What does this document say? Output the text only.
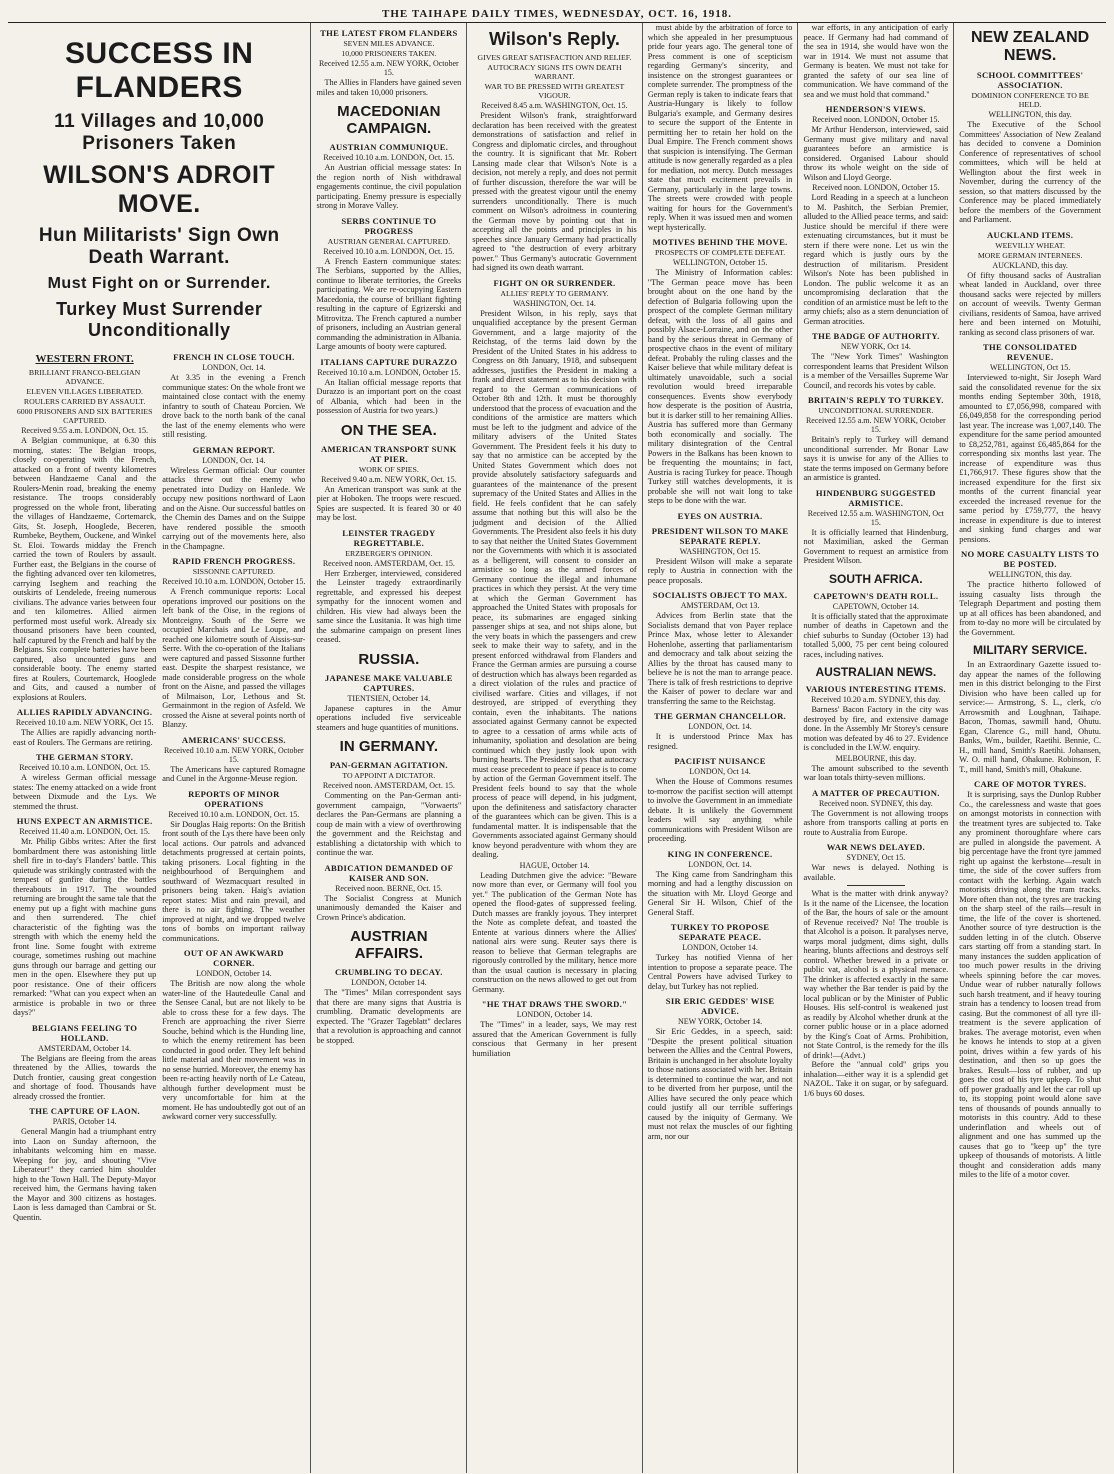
THE TAIHAPE DAILY TIMES, WEDNESDAY, OCT. 16, 1918.
SUCCESS IN FLANDERS
11 Villages and 10,000 Prisoners Taken
WILSON'S ADROIT MOVE.
Hun Militarists' Sign Own Death Warrant.
Must Fight on or Surrender.
Turkey Must Surrender Unconditionally
WESTERN FRONT.
BRILLIANT FRANCO-BELGIAN ADVANCE.
ELEVEN VILLAGES LIBERATED.
ROULERS CARRIED BY ASSAULT.
6000 PRISONERS AND SIX BATTERIES CAPTURED.
Received 9.55 a.m. LONDON, Oct. 15.

A Belgian communique, at 6.30 this morning, states: The Belgian troops, closely co-operating with the French, attacked on a front of twenty kilometres between Handzaeme Canal and the Roulers-Menin road, breaking the enemy resistance. The troops considerably progressed on the whole front, liberating the villages of Handzaeme, Cortemarck, Gits, St. Joseph, Hooglede, Beceren, Rumbeke, Beythem, Ouckene, and Winkel St. Eloi. Towards midday the French carried the town of Roulers by assault. Further east, the Belgians in the course of the fighting advanced over ten kilometres, carrying Iseghem and reaching the outskirts of Lendelede, freeing numerous civilians. The advance varies between four and ten kilometres. Allied airmen performed most useful work. Already six thousand prisoners have been counted, half captured by the French and half by the Belgians. Six complete batteries have been captured, also uncounted guns and considerable booty. The enemy started fires at Roulers, Courtemarck, Hooglede and Gits, and caused a number of explosions at Roulers.

ALLIES RAPIDLY ADVANCING.
Received 10.10 a.m. NEW YORK, Oct 15.

The Allies are rapidly advancing north-east of Roulers. The Germans are retiring.

THE GERMAN STORY.
Received 10.10 a.m. LONDON, Oct. 15.

A wireless German official message states: The enemy attacked on a wide front between Dixmude and the Lys. We stemmed the thrust.

HUNS EXPECT AN ARMISTICE.
Received 11.40 a.m. LONDON, Oct. 15.

Mr. Philip Gibbs writes: After the first bombardment there was astonishing little shell fire in to-day's Flanders' battle. This quietude was strikingly contrasted with the tempest of gunfire during the battles thereabouts in 1917. The wounded returning are brought the same tale that the enemy put up a fight with machine guns and then surrendered. The chief characteristic of the fighting was the strength with which the enemy held the front line. Some fought with extreme courage, sometimes rushing out machine guns through our barrage and getting our men in the open. Elsewhere they put up poor resistance. One of their officers remarked: "What can you expect when an armistice is probable in two or three days?"

BELGIANS FEELING TO HOLLAND.
AMSTERDAM, October 14.

The Belgians are fleeing from the areas threatened by the Allies, towards the Dutch frontier, causing great congestion and shortage of food. Thousands have already crossed the frontier.

THE CAPTURE OF LAON.
PARIS, October 14.

General Mangin had a triumphant entry into Laon on Sunday afternoon, the inhabitants welcoming him en masse. Weeping for joy, and shouting "Vive Liberateur!" they carried him shoulder high to the Town Hall. The Deputy-Mayor received him, the Germans having taken the Mayor and 300 citizens as hostages. Laon is less damaged than Cambrai or St. Quentin.

FRENCH IN CLOSE TOUCH.
LONDON, Oct. 14.

At 3.35 in the evening a French communique states: On the whole front we maintained close contact with the enemy infantry to south of Chateau Porcien. We drove back to the north bank of the canal the last of the enemy elements who were still resisting.

GERMAN REPORT.
LONDON, Oct. 14.

Wireless German official: Our counter attacks threw out the enemy who penetrated into Dudizy on Hanlede. We occupy new positions northward of Laon and on the Aisne. Our successful battles on the Chemin des Dames and on the Suippe have rendered possible the smooth carrying out of the movements here, also in the Champagne.

RAPID FRENCH PROGRESS.
SISSONNE CAPTURED.
Received 10.10 a.m. LONDON, October 15.

A French communique reports: Local operations improved our positions on the left bank of the Oise, in the regions of Montceigny. South of the Serre we occupied Marchais and Le Loupe, and reached one kilometre south of Aissis-sur-Serre. With the co-operation of the Italians were captured and passed Sissonne further east. Despite the sharpest resistance, we made considerable progress on the whole front on the Aisne, and passed the villages of Milmaison, Lor, Lethous and St. Germainmont in the region of Asfeld. We crossed the Aisne at several points north of Blanzy.

AMERICANS' SUCCESS.
Received 10.10 a.m. NEW YORK, October 15.

The Americans have captured Romagne and Cunel in the Argonne-Meuse region.

REPORTS OF MINOR OPERATIONS
Received 10.10 a.m. LONDON, Oct. 15.

Sir Douglas Haig reports: On the British front south of the Lys there have been only local actions. Our patrols and advanced detachments progressed at certain points, taking prisoners. Local fighting in the neighbourhood of Berquinghem and southward of Wezmacquart resulted in prisoners being taken. Haig's aviation report states: Mist and rain prevail, and there is no air fighting. The weather improved at night, and we dropped twelve tons of bombs on important railway communications.

OUT OF AN AWKWARD CORNER.
LONDON, October 14.

The British are now along the whole water-line of the Hautedeulle Canal and the Sensee Canal, but are not likely to be able to cross these for a few days. The French are approaching the river Sierre Souche, behind which is the Hunding line, to which the enemy retirement has been conducted in good order. They left behind little material and their movement was in no sense hurried. Moreover, the enemy has been re-acting heavily north of Le Cateau, although further development must be very uncomfortable for him at the moment. He has undoubtedly got out of an awkward corner very successfully.

THE LATEST FROM FLANDERS
SEVEN MILES ADVANCE.
10,000 PRISONERS TAKEN.
Received 12.55 a.m. NEW YORK, October 15.

The Allies in Flanders have gained seven miles and taken 10,000 prisoners.

MACEDONIAN CAMPAIGN.
AUSTRIAN COMMUNIQUE.
Received 10.10 a.m. LONDON, Oct. 15.

An Austrian official message states: In the region north of Nish withdrawal engagements continue, the civil population participating. Enemy pressure is especially strong in Morave Valley.

SERBS CONTINUE TO PROGRESS
AUSTRIAN GENERAL CAPTURED.
Received 10.10 a.m. LONDON, Oct. 15.

A French Eastern communique states: The Serbians, supported by the Allies, continue to liberate territories, the Greeks participating. We are re-occupying Eastern Macedonia, the course of brilliant fighting resulting in the capture of Egrizerski and Mitrovitza. The French captured a number of prisoners, including an Austrian general commanding the administration in Albania. Large amounts of booty were captured.

ITALIANS CAPTURE DURAZZO
Received 10.10 a.m. LONDON, October 15.

An Italian official message reports that Durazzo is an important port on the coast of Albania, which had been in the possession of Austria for two years.)

ON THE SEA.
AMERICAN TRANSPORT SUNK AT PIER.
WORK OF SPIES.
Received 9.40 a.m. NEW YORK, Oct. 15.

An American transport was sunk at the pier at Hoboken. The troops were rescued. Spies are suspected. It is feared 30 or 40 may be lost.

LEINSTER TRAGEDY REGRETTABLE.
ERZBERGER'S OPINION.
Received noon. AMSTERDAM, Oct. 15.

Herr Erzberger, interviewed, considered the Leinster tragedy extraordinarily regrettable, and expressed his deepest sympathy for the innocent women and children. His view had always been the same since the Lusitania. It was high time the submarine campaign on present lines ceased.

RUSSIA.
JAPANESE MAKE VALUABLE CAPTURES.
TIENTSIEN, October 14.

Japanese captures in the Amur operations included five serviceable steamers and huge quantities of munitions.

IN GERMANY.
PAN-GERMAN AGITATION.
TO APPOINT A DICTATOR.
Received noon. AMSTERDAM, Oct. 15.

Commenting on the Pan-German anti-government campaign, "Vorwaerts" declares the Pan-Germans are planning a coup de main with a view of overthrowing the government and the Reichstag and establishing a dictatorship with which to continue the war.

ABDICATION DEMANDED OF KAISER AND SON.
Received noon. BERNE, Oct. 15.

The Socialist Congress at Munich unanimously demanded the Kaiser and Crown Prince's abdication.

AUSTRIAN AFFAIRS.
CRUMBLING TO DECAY.
LONDON, October 14.

The "Times" Milan correspondent says that there are many signs that Austria is crumbling. Dramatic developments are expected. The "Grazer Tageblatt" declares that a revolution is approaching and cannot be stopped.

Wilson's Reply.
GIVES GREAT SATISFACTION AND RELIEF.
AUTOCRACY SIGNS ITS OWN DEATH WARRANT.
WAR TO BE PRESSED WITH GREATEST VIGOUR.
Received 8.45 a.m. WASHINGTON, Oct. 15.

President Wilson's frank, straightforward declaration has been received with the greatest demonstrations of satisfaction and relief in Congress and diplomatic circles, and throughout the country. It is significant that Mr. Robert Lansing made clear that Wilson's Note is a decision, not merely a reply, and does not permit of further discussion, therefore the war will be pressed with the greatest vigour until the enemy surrenders unconditionally. There is much comment on Wilson's adroitness in countering the German move by pointing out that in accepting all the points and principles in his speeches since January Germany had practically agreed to "the destruction of every arbitrary power." Thus Germany's autocratic Government had signed its own death warrant.

FIGHT ON OR SURRENDER.
ALLIES' REPLY TO GERMANY.
WASHINGTON, Oct. 14.

President Wilson, in his reply, says that unqualified acceptance by the present German Government, and a large majority of the Reichstag, of the terms laid down by the President of the United States in his address to Congress on 8th January, 1918, and subsequent addresses, justifies the President in making a frank and direct statement as to his decision with regard to the German communications of October 8th and 12th. It must be thoroughly understood that the process of evacuation and the conditions of the armistice are matters which must be left to the judgment and advice of the military advisers of the United States Government. The President feels it his duty to say that no armistice can be accepted by the United States Government which does not provide absolutely satisfactory safeguards and guarantees of the maintenance of the present supremacy of the United States and Allies in the field. He feels confident that he can safely assume that nothing but this will also be the judgment and decision of the Allied Governments. The President also feels it his duty to say that neither the United States Government nor the Governments with which it is associated as a belligerent, will consent to consider an armistice so long as the armed forces of Germany continue the illegal and inhumane practices in which they persist. At the very time at which the German Government has approached the United States with proposals for peace, its submarines are engaged sinking passenger ships at sea, and not ships alone, but the very boats in which the passengers and crew seek to make their way to safety, and in the present enforced withdrawal from Flanders and France the German armies are pursuing a course of destruction which has always been regarded as a direct violation of the rules and practice of civilised warfare. Cities and villages, if not destroyed, are stripped of everything they contain, even the inhabitants. The nations associated against Germany cannot be expected to agree to a cessation of arms while acts of inhumanity, spoliation and desolation are being continued which they justly look upon with burning hearts. The President says that autocracy must cease precedent to peace if peace is to come by action of the German Government itself. The President feels bound to say that the whole process of peace will depend, in his judgment, upon the definiteness and satisfactory character of the guarantees which can be given. This is a fundamental matter. It is indispensable that the Governments associated against Germany should know beyond peradventure with whom they are dealing.

HAGUE, October 14.

Leading Dutchmen give the advice: "Beware now more than ever, or Germany will fool you yet." The publication of the German Note has opened the flood-gates of suppressed feeling. Dutch masses are frankly joyous. They interpret the Note as complete defeat, and toasted the Entente at various dinners where the Allies' national airs were sung. Reuter says there is reason to believe that German telegraphs are rigorously controlled by the military, hence more than the usual caution is necessary in placing construction on the news allowed to get out from Germany.

"HE THAT DRAWS THE SWORD."
LONDON, October 14.

The "Times" in a leader, says, We may rest assured that the American Government is fully conscious that Germany in her present humiliation

must abide by the arbitration of force to which she appealed in her presumptuous pride four years ago. The general tone of Press comment is one of scepticism regarding Germany's sincerity, and insistence on the strongest guarantees or complete surrender. The promptness of the German reply is taken to indicate fears that Austria-Hungary is likely to follow Bulgaria's example, and Germany desires to secure the support of the Entente in permitting her to retain her hold on the Dual Empire. The French comment shows that suspicion is intensifying. The German attitude is now generally regarded as a plea for mediation, not mercy. Dutch messages state that much excitement prevails in Germany, particularly in the large towns. The streets were crowded with people waiting for hours for the Government's reply. When it was issued men and women wept hysterically.

MOTIVES BEHIND THE MOVE.
PROSPECTS OF COMPLETE DEFEAT.
WELLINGTON, October 15.

The Ministry of Information cables: "The German peace move has been brought about on the one hand by the defection of Bulgaria following upon the prospect of the complete German military defeat, with the loss of all gains and possibly Alsace-Lorraine, and on the other hand by the serious threat in Germany of prospective chaos in the event of military defeat. Probably the ruling classes and the Kaiser believe that while military defeat is ultimately unavoidable, such a social revolution would breed irreparable consequences. Events show everybody how desperate is the position of Austria, but it is darker still to her remaining Allies. Austria has suffered more than Germany both economically and socially. The military disintegration of the Central Powers in the Balkans has been known to be frequenting the mountains; in fact, Austria is racing Turkey for peace. Though Turkey still watches developments, it is probable she will not wait long to take steps to be done with the war.

EYES ON AUSTRIA.
PRESIDENT WILSON TO MAKE SEPARATE REPLY.
WASHINGTON, Oct 15.

President Wilson will make a separate reply to Austria in connection with the peace proposals.

SOCIALISTS OBJECT TO MAX.
AMSTERDAM, Oct 13.

Advices from Berlin state that the Socialists demand that von Payer replace Prince Max, whose letter to Alexander Hohenlohe, asserting that parliamentarism and democracy and talk about seizing the Allies by the throat has caused many to believe he is not the man to arrange peace. There is talk of fresh restrictions to deprive the Kaiser of power to declare war and transferring the same to the Reichstag.

THE GERMAN CHANCELLOR.
LONDON, Oct. 14.

It is understood Prince Max has resigned.

PACIFIST NUISANCE
LONDON, Oct 14.

When the House of Commons resumes to-morrow the pacifist section will attempt to involve the Government in an immediate debate. It is unlikely the Government leaders will say anything while communications with President Wilson are proceeding.

KING IN CONFERENCE.
LONDON, Oct. 14.

The King came from Sandringham this morning and had a lengthy discussion on the situation with Mr. Lloyd George and General Sir H. Wilson, Chief of the General Staff.

TURKEY TO PROPOSE SEPARATE PEACE.
LONDON, October 14.

Turkey has notified Vienna of her intention to propose a separate peace. The Central Powers have advised Turkey to delay, but Turkey has not replied.

SIR ERIC GEDDES' WISE ADVICE.
NEW YORK, October 14.

Sir Eric Geddes, in a speech, said: "Despite the present political situation between the Allies and the Central Powers, Britain is unchanged in her absolute loyalty to those nations associated with her. Britain is determined to continue the war, and not to be diverted from her purpose, until the Allies have secured the only peace which could justify all our terrible sufferings caused by the iniquity of Germany. We must not relax the muscles of our fighting arm, nor our

war efforts, in any anticipation of early peace. If Germany had had command of the sea in 1914, she would have won the war in 1914. We must not assume that Germany is beaten. We must not take for granted the safety of our sea line of communication. We have command of the sea and we must hold that command."

HENDERSON'S VIEWS.
Received noon. LONDON, October 15.

Mr Arthur Henderson, interviewed, said Germany must give military and naval guarantees before an armistice is considered. Organised Labour should throw its whole weight on the side of Wilson and Lloyd George.

Received noon. LONDON, October 15.

Lord Reading in a speech at a luncheon to M. Pashitch, the Serbian Premier, alluded to the Allied peace terms, and said: Justice should be merciful if there were extenuating circumstances, but it must be stern if there were none. Let us win the regard which is justly ours by the destruction of militarism. President Wilson's Note has been published in London. The public welcome it as an uncompromising declaration that the condition of an armistice must be left to the army chiefs; also as a stern denunciation of German atrocities.

THE BADGE OF AUTHORITY.
NEW YORK, Oct 14.

The "New York Times" Washington correspondent learns that President Wilson is a member of the Versailles Supreme War Council, and records his votes by cable.

BRITAIN'S REPLY TO TURKEY.
UNCONDITIONAL SURRENDER.
Received 12.55 a.m. NEW YORK, October 15.

Britain's reply to Turkey will demand unconditional surrender. Mr Bonar Law says it is unwise for any of the Allies to state the terms imposed on Germany before an armistice is granted.

HINDENBURG SUGGESTED ARMISTICE.
Received 12.55 a.m. WASHINGTON, Oct 15.

It is officially learned that Hindenburg, not Maximilian, asked the German Government to request an armistice from President Wilson.

SOUTH AFRICA.
CAPETOWN'S DEATH ROLL.
CAPETOWN, October 14.

It is officially stated that the approximate number of deaths in Capetown and the chief suburbs to Sunday (October 13) had totalled 5,000, 75 per cent being coloured races, including natives.

AUSTRALIAN NEWS.
VARIOUS INTERESTING ITEMS.
Received 10.20 a.m. SYDNEY, this day.

Barness' Bacon Factory in the city was destroyed by fire, and extensive damage done. In the Assembly Mr Storey's censure motion was defeated by 46 to 27. Evidence is concluded in the I.W.W. enquiry.

MELBOURNE, this day.

The amount subscribed to the seventh war loan totals thirty-seven millions.

A MATTER OF PRECAUTION.
Received noon. SYDNEY, this day.

The Government is not allowing troops ashore from transports calling at ports en route to Australia from Europe.

WAR NEWS DELAYED.
SYDNEY, Oct 15.

War news is delayed. Nothing is available.

What is the matter with drink anyway? Is it the name of the Licensee, the location of the Bar, the hours of sale or the amount of Revenue received? No! The trouble is that Alcohol is a poison. It paralyses nerve, warps moral judgment, dims sight, dulls hearing, blunts affections and destroys self control. Whether brewed in a private or public vat, alcohol is a physical menace. The drinker is affected exactly in the same way whether the Bar tender is paid by the local publican or by the Minister of Public Houses. His self-control is weakened just as readily by Alcohol whether drunk at the corner public house or in a place adorned by the King's Coat of Arms. Prohibition, not State Control, is the remedy for the ills of drink!—(Advt.)

Before the "annual cold" grips you inhalation—either way it is a splendid get NAZOL. Take it on sugar, or by safeguard. 1/6 buys 60 doses.

NEW ZEALAND NEWS.
SCHOOL COMMITTEES' ASSOCIATION.
DOMINION CONFERENCE TO BE HELD.
WELLINGTON, this day.

The Executive of the School Committees' Association of New Zealand has decided to convene a Dominion Conference of representatives of school committees, which will be held at Wellington about the first week in November, during the currency of the session, so that matters discussed by the Conference may be placed immediately before the members of the Government and Parliament.

AUCKLAND ITEMS.
WEEVILLY WHEAT.
MORE GERMAN INTERNEES.
AUCKLAND, this day.

Of fifty thousand sacks of Australian wheat landed in Auckland, over three thousand sacks were rejected by millers on account of weevils. Twenty German civilians, residents of Samoa, have arrived here and been interned on Motuihi, ranking as second class prisoners of war.

THE CONSOLIDATED REVENUE.
WELLINGTON, Oct 15.

Interviewed to-night, Sir Joseph Ward said the consolidated revenue for the six months ending September 30th, 1918, amounted to £7,056,998, compared with £6,049,858 for the corresponding period last year. The increase was 1,007,140. The expenditure for the same period amounted to £8,252,781, against £6,485,864 for the corresponding six months last year. The increase of expenditure was thus £1,766,917. These figures show that the increased expenditure for the first six months of the current financial year exceeded the increased revenue for the same period by £759,777, the heavy increase in expenditure is due to interest and sinking fund charges and war pensions.

NO MORE CASUALTY LISTS TO BE POSTED.
WELLINGTON, this day.

The practice hitherto followed of issuing casualty lists through the Telegraph Department and posting them up at all offices has been abandoned, and from to-day no more will be circulated by the Government.

MILITARY SERVICE.

In an Extraordinary Gazette issued to-day appear the names of the following men in this district belonging to the First Division who have been called up for service:— Armstrong, S. L., clerk, c/o Arrowsmith and Loughnan, Taihape. Bacon, Thomas, sawmill hand, Ohutu. Egan, Clarence G., mill hand, Ohutu. Banks, Wm., builder, Raetihi. Bennie, C. H., mill hand, Smith's Raetihi. Johansen, W. O. mill hand, Ohakune. Robinson, F. T., mill hand, Smith's mill, Ohakune.

CARE OF MOTOR TYRES.

It is surprising, says the Dunlop Rubber Co., the carelessness and waste that goes on amongst motorists in connection with the treatment tyres are subjected to. Take any prominent thoroughfare where cars are pulled in alongside the pavement. A big percentage have the front tyre jammed right up against the kerbstone—result in time, the side of the cover suffers from contact with the kerbing. Again watch motorists driving along the tram tracks. More often than not, the tyres are tracking on the sharp steel of the rails—result in time, the life of the cover is shortened. Another source of tyre destruction is the sudden letting in of the clutch. Observe cars starting off from a standing start. In many instances the sudden application of too much power results in the driving wheels spinning before the car moves. Undue wear of rubber naturally follows such harsh treatment, and if heavy touring strain has a tendency to loosen tread from casing. But the commonest of all tyre ill-treatment is the severe application of brakes. The average motorist, even when he knows he intends to stop at a given point, drives within a few yards of his destination, and then so up goes the brakes. Result—loss of rubber, and up goes the cost of his tyre upkeep. To shut off power gradually and let the car roll up to, its stopping point would alone save tens of thousands of pounds annually to motorists in this country. Add to these underinflation and wheels out of alignment and one has summed up the causes that go to "keep up" the tyre upkeep of thousands of motorists. A little thought and consideration adds many miles to the life of a motor cover.
